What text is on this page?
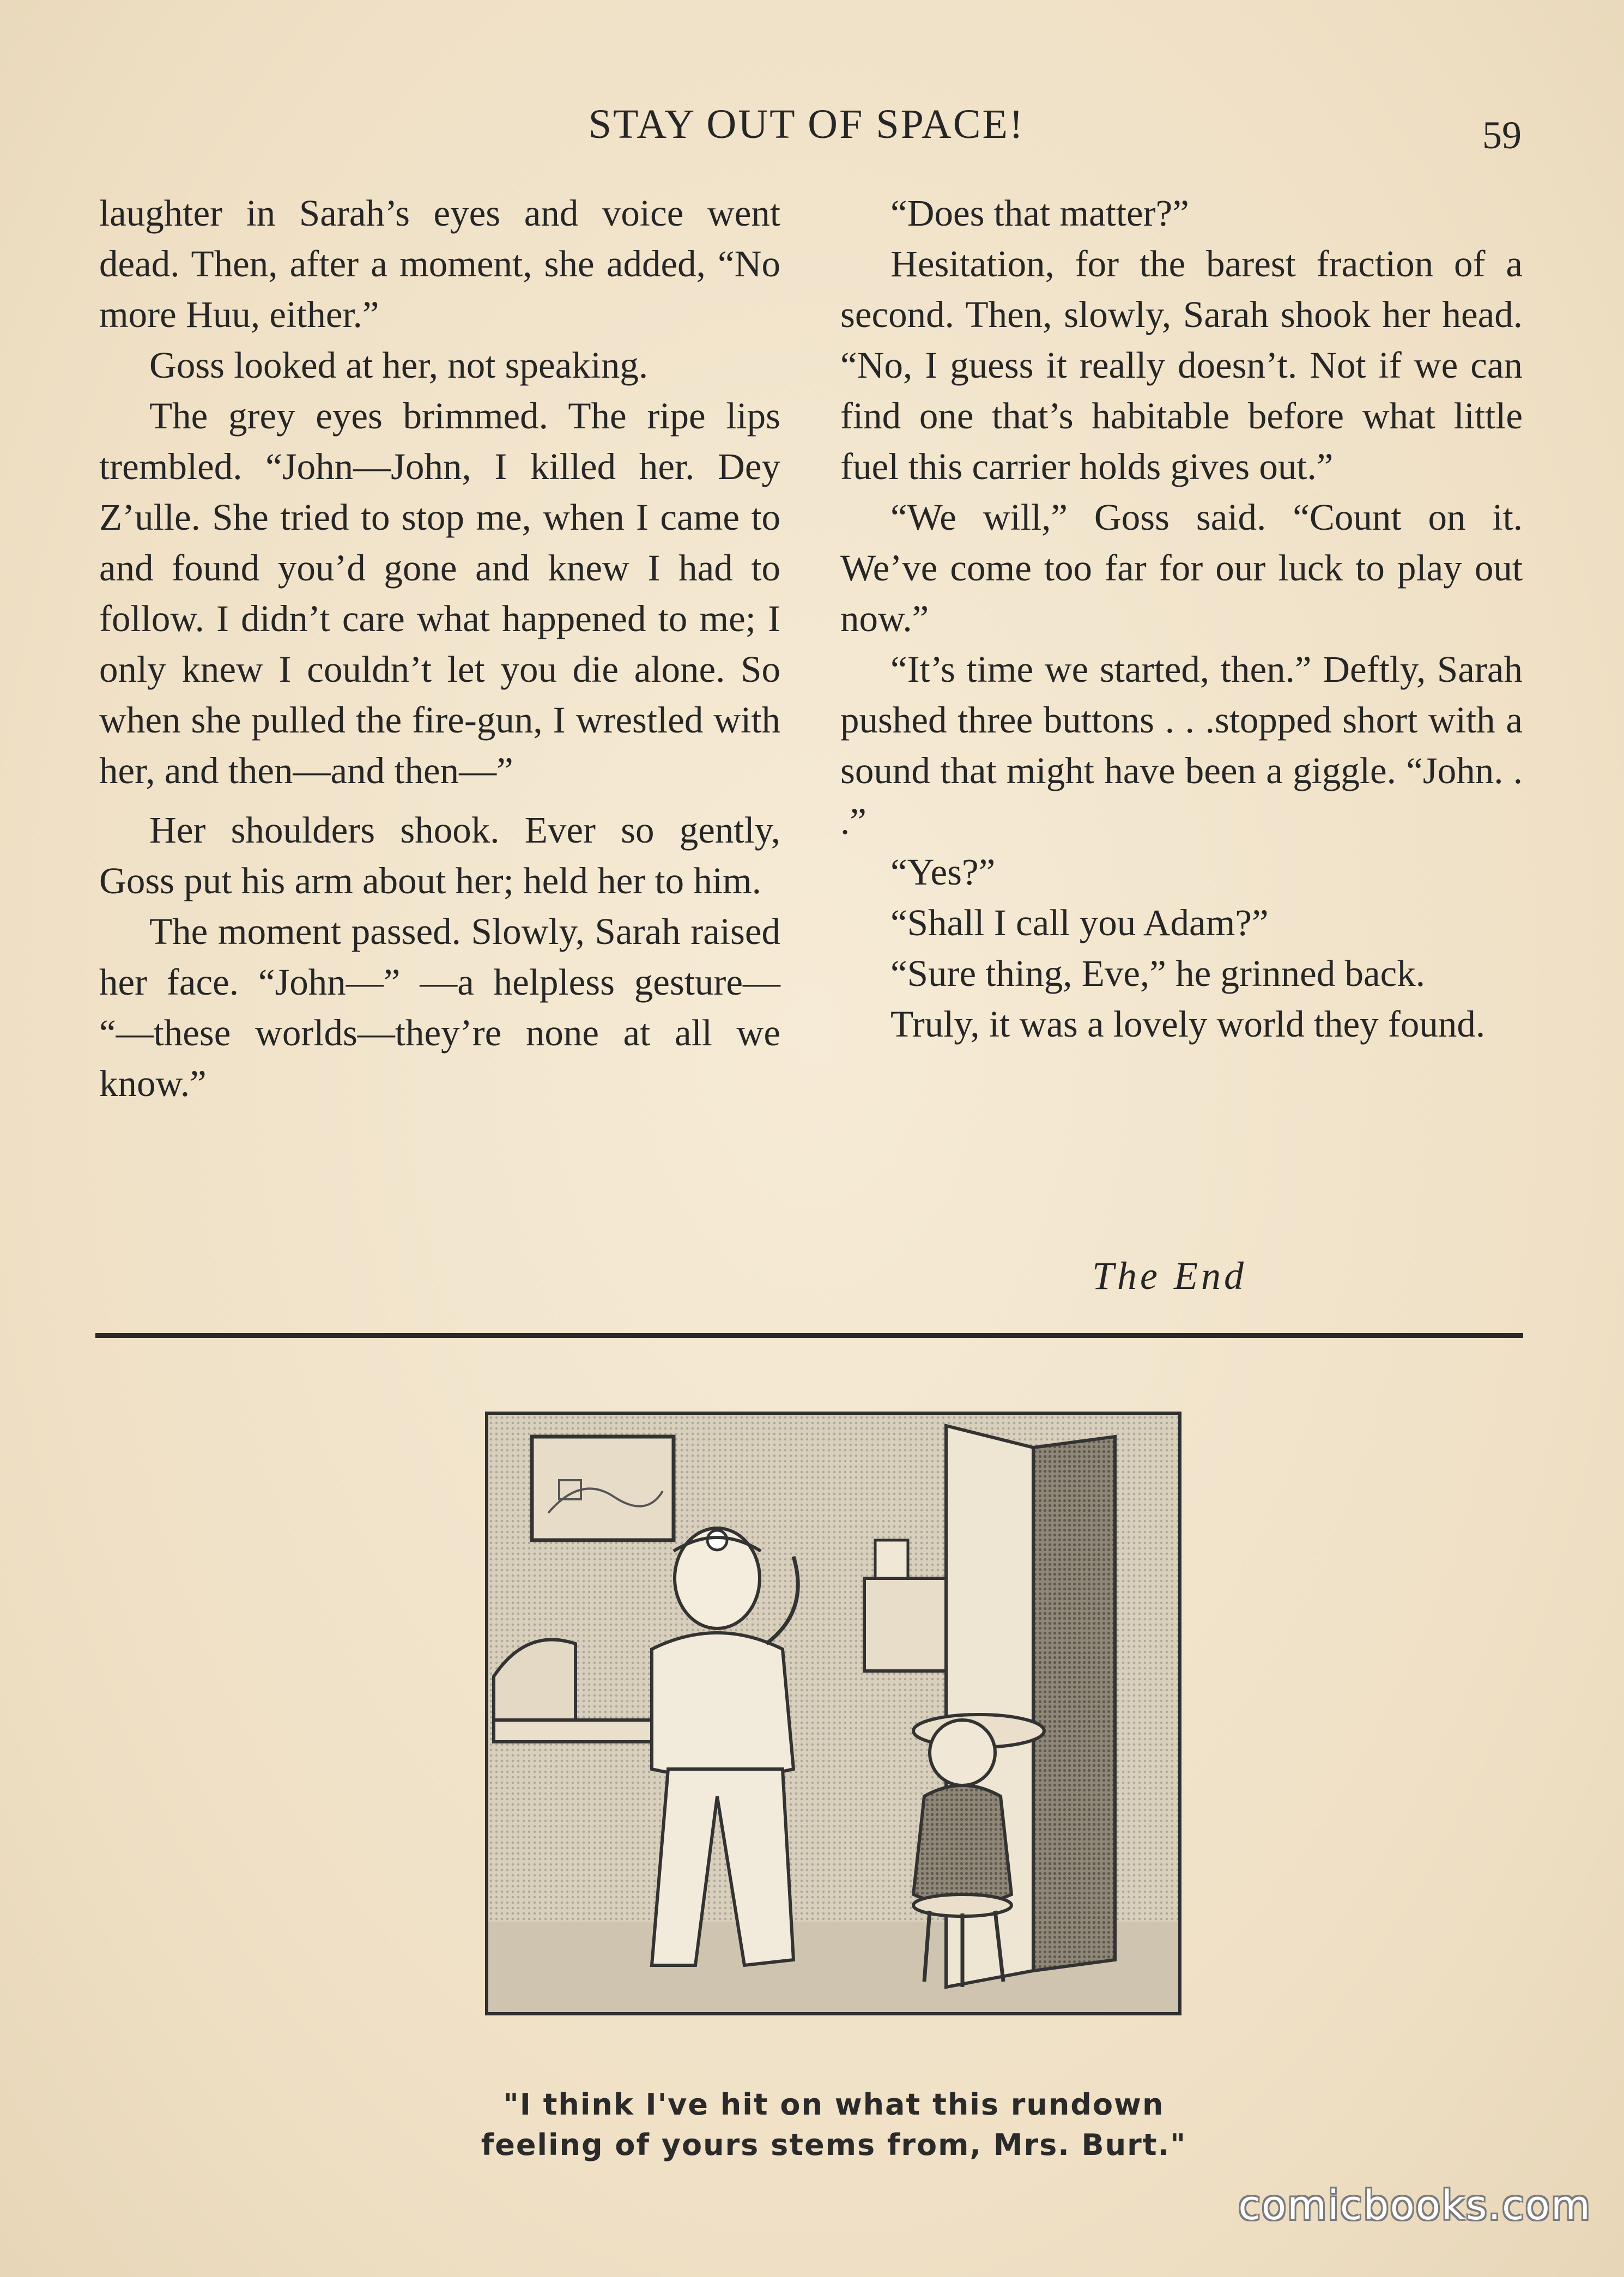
STAY OUT OF SPACE!	59

laughter in Sarah’s eyes and voice went dead. Then, after a moment, she added, “No more Huu, either.”

Goss looked at her, not speaking.

The grey eyes brimmed. The ripe lips trembled. “John—John, I killed her. Dey Z’ulle. She tried to stop me, when I came to and found you’d gone and knew I had to follow. I didn’t care what happened to me; I only knew I couldn’t let you die alone. So when she pulled the fire-gun, I wrestled with her, and then—and then—”

Her shoulders shook. Ever so gently, Goss put his arm about her; held her to him.

The moment passed. Slowly, Sarah raised her face. “John—” —a helpless gesture— “—these worlds—they’re none at all we know.”

“Does that matter?”

Hesitation, for the barest fraction of a second. Then, slowly, Sarah shook her head. “No, I guess it really doesn’t. Not if we can find one that’s habitable before what little fuel this carrier holds gives out.”

“We will,” Goss said. “Count on it. We’ve come too far for our luck to play out now.”

“It’s time we started, then.” Deftly, Sarah pushed three buttons . . .stopped short with a sound that might have been a giggle. “John. . .”

“Yes?”

“Shall I call you Adam?”

“Sure thing, Eve,” he grinned back.

Truly, it was a lovely world they found.

The End
"I think I've hit on what this rundown
feeling of yours stems from, Mrs. Burt."
comicbooks.com
